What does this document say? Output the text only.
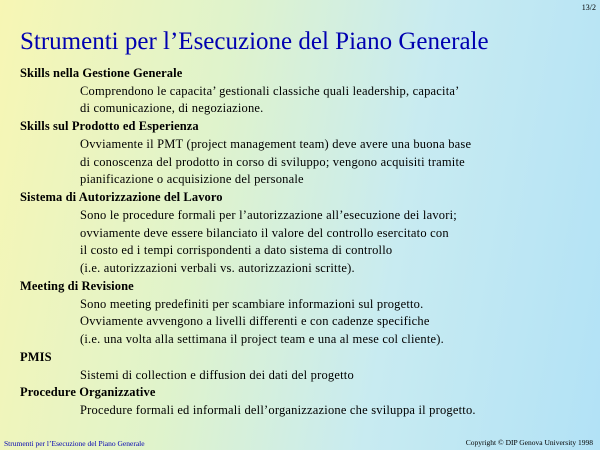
13/2
Strumenti per l’Esecuzione del Piano Generale
Skills nella Gestione Generale
Comprendono le capacita’ gestionali classiche quali leadership, capacita’
di comunicazione, di negoziazione.
Skills sul Prodotto ed Esperienza
Ovviamente il PMT (project management team) deve avere una buona base
di conoscenza del prodotto in corso di sviluppo; vengono acquisiti tramite
pianificazione o acquisizione del personale
Sistema di Autorizzazione del Lavoro
Sono le procedure formali per l’autorizzazione all’esecuzione dei lavori;
ovviamente deve essere bilanciato il valore del controllo esercitato con
il costo ed i tempi corrispondenti a dato sistema di controllo
(i.e. autorizzazioni verbali vs. autorizzazioni scritte).
Meeting di Revisione
Sono meeting predefiniti per scambiare informazioni sul progetto.
Ovviamente avvengono a livelli differenti e con cadenze specifiche
(i.e. una volta alla settimana il project team e una al mese col cliente).
PMIS
Sistemi di collection e diffusion dei dati del progetto
Procedure Organizzative
Procedure formali ed informali dell’organizzazione che sviluppa il progetto.
Strumenti per l’Esecuzione del Piano Generale	Copyright © DIP Genova University 1998
